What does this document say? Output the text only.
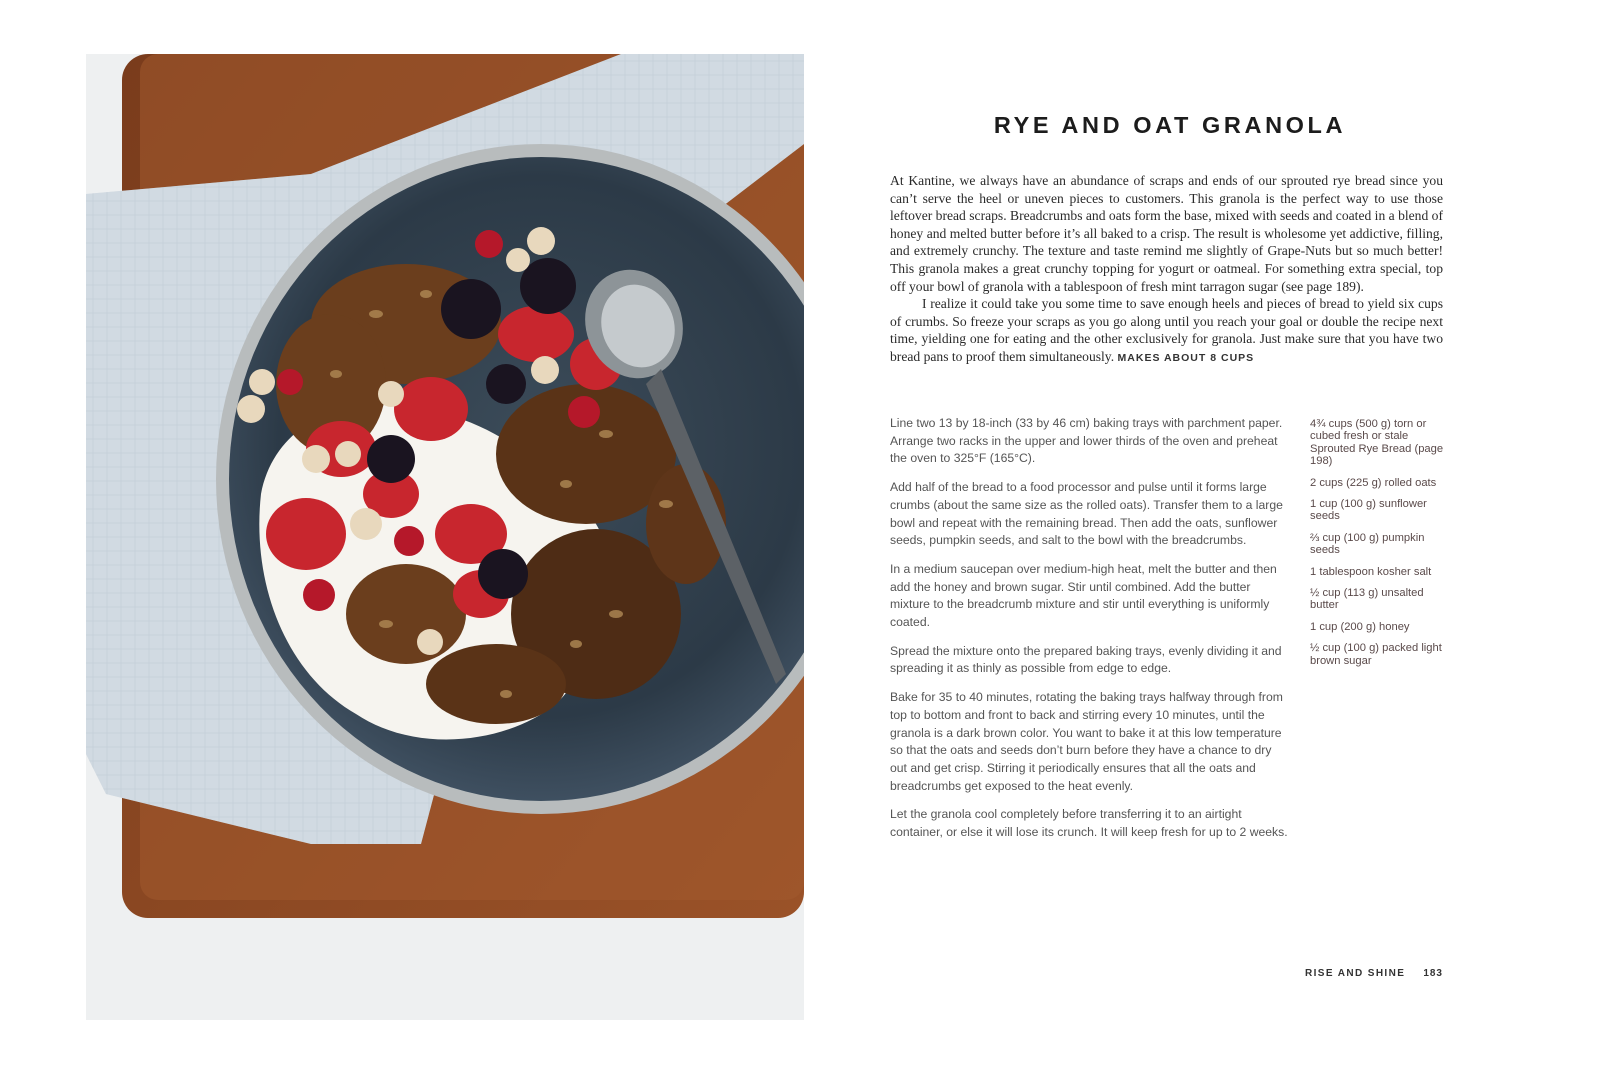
RYE AND OAT GRANOLA

At Kantine, we always have an abundance of scraps and ends of our sprouted rye bread since you can’t serve the heel or uneven pieces to customers. This granola is the perfect way to use those leftover bread scraps. Breadcrumbs and oats form the base, mixed with seeds and coated in a blend of honey and melted butter before it’s all baked to a crisp. The result is wholesome yet addictive, filling, and extremely crunchy. The texture and taste remind me slightly of Grape-Nuts but so much better! This granola makes a great crunchy topping for yogurt or oatmeal. For something extra special, top off your bowl of granola with a tablespoon of fresh mint tarragon sugar (see page 189).

I realize it could take you some time to save enough heels and pieces of bread to yield six cups of crumbs. So freeze your scraps as you go along until you reach your goal or double the recipe next time, yielding one for eating and the other exclusively for granola. Just make sure that you have two bread pans to proof them simultaneously. MAKES ABOUT 8 CUPS

Line two 13 by 18-inch (33 by 46 cm) baking trays with parchment paper. Arrange two racks in the upper and lower thirds of the oven and preheat the oven to 325°F (165°C).

Add half of the bread to a food processor and pulse until it forms large crumbs (about the same size as the rolled oats). Transfer them to a large bowl and repeat with the remaining bread. Then add the oats, sunflower seeds, pumpkin seeds, and salt to the bowl with the breadcrumbs.

In a medium saucepan over medium-high heat, melt the butter and then add the honey and brown sugar. Stir until combined. Add the butter mixture to the breadcrumb mixture and stir until everything is uniformly coated.

Spread the mixture onto the prepared baking trays, evenly dividing it and spreading it as thinly as possible from edge to edge.

Bake for 35 to 40 minutes, rotating the baking trays halfway through from top to bottom and front to back and stirring every 10 minutes, until the granola is a dark brown color. You want to bake it at this low temperature so that the oats and seeds don’t burn before they have a chance to dry out and get crisp. Stirring it periodically ensures that all the oats and breadcrumbs get exposed to the heat evenly.

Let the granola cool completely before transferring it to an airtight container, or else it will lose its crunch. It will keep fresh for up to 2 weeks.

4¾ cups (500 g) torn or cubed fresh or stale Sprouted Rye Bread (page 198)
2 cups (225 g) rolled oats
1 cup (100 g) sunflower seeds
⅔ cup (100 g) pumpkin seeds
1 tablespoon kosher salt
½ cup (113 g) unsalted butter
1 cup (200 g) honey
½ cup (100 g) packed light brown sugar
RISE AND SHINE 183
